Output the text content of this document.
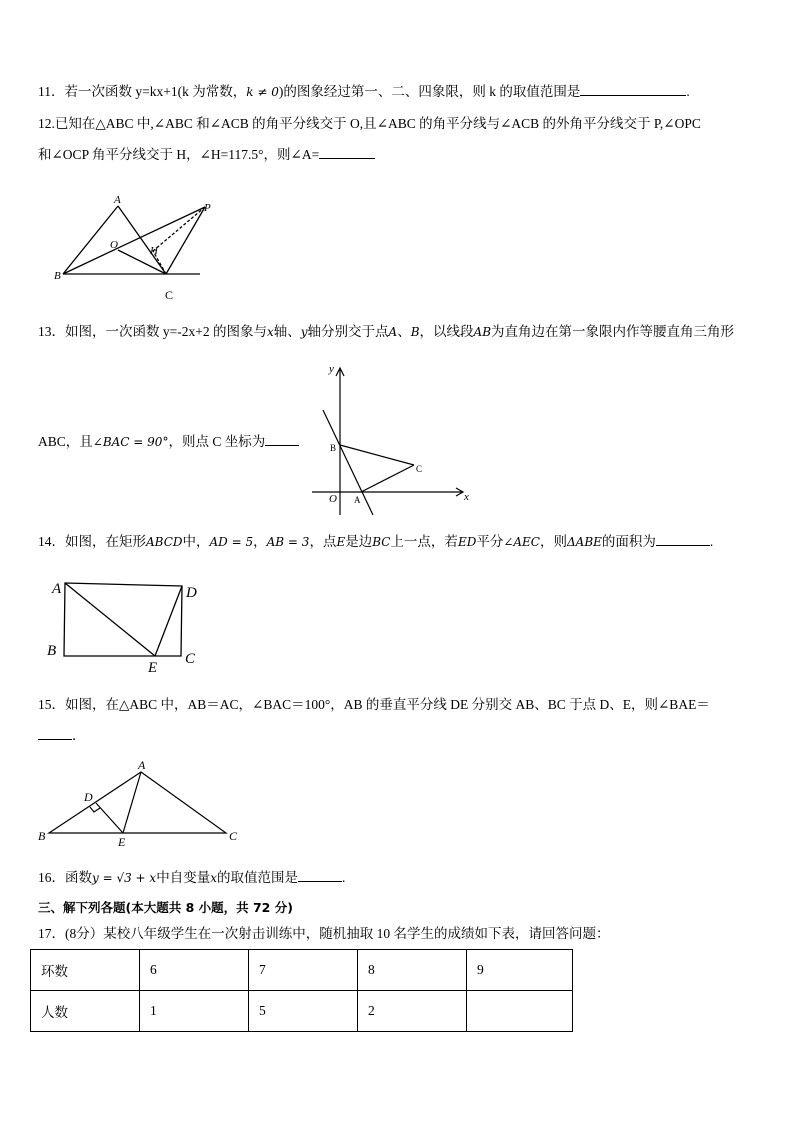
11．若一次函数 y=kx+1(k 为常数，k ≠ 0)的图象经过第一、二、四象限，则 k 的取值范围是	.
12.已知在△ABC 中,∠ABC 和∠ACB 的角平分线交于 O,且∠ABC 的角平分线与∠ACB 的外角平分线交于 P,∠OPC
和∠OCP 角平分线交于 H，∠H=117.5°，则∠A=
A
B
O	H
P
C
13．如图，一次函数 y=-2x+2 的图象与x轴、y轴分别交于点A、B，以线段AB为直角边在第一象限内作等腰直角三角形
ABC，且∠BAC = 90°，则点 C 坐标为
y
x
O A
B
C
14．如图，在矩形ABCD中，AD = 5，AB = 3，点E是边BC上一点，若ED平分∠AEC，则ΔABE的面积为	.
A	D
B
E
C
15．如图，在△ABC 中，AB＝AC，∠BAC＝100°，AB 的垂直平分线 DE 分别交 AB、BC 于点 D、E，则∠BAE＝
．
A
D
B	E	C
16．函数y = √3 + x中自变量x的取值范围是	.
三、解下列各题(本大题共 8 小题，共 72 分)
17．(8分）某校八年级学生在一次射击训练中，随机抽取 10 名学生的成绩如下表，请回答问题：
环数	6	7	8	9
人数	1	5	2	
